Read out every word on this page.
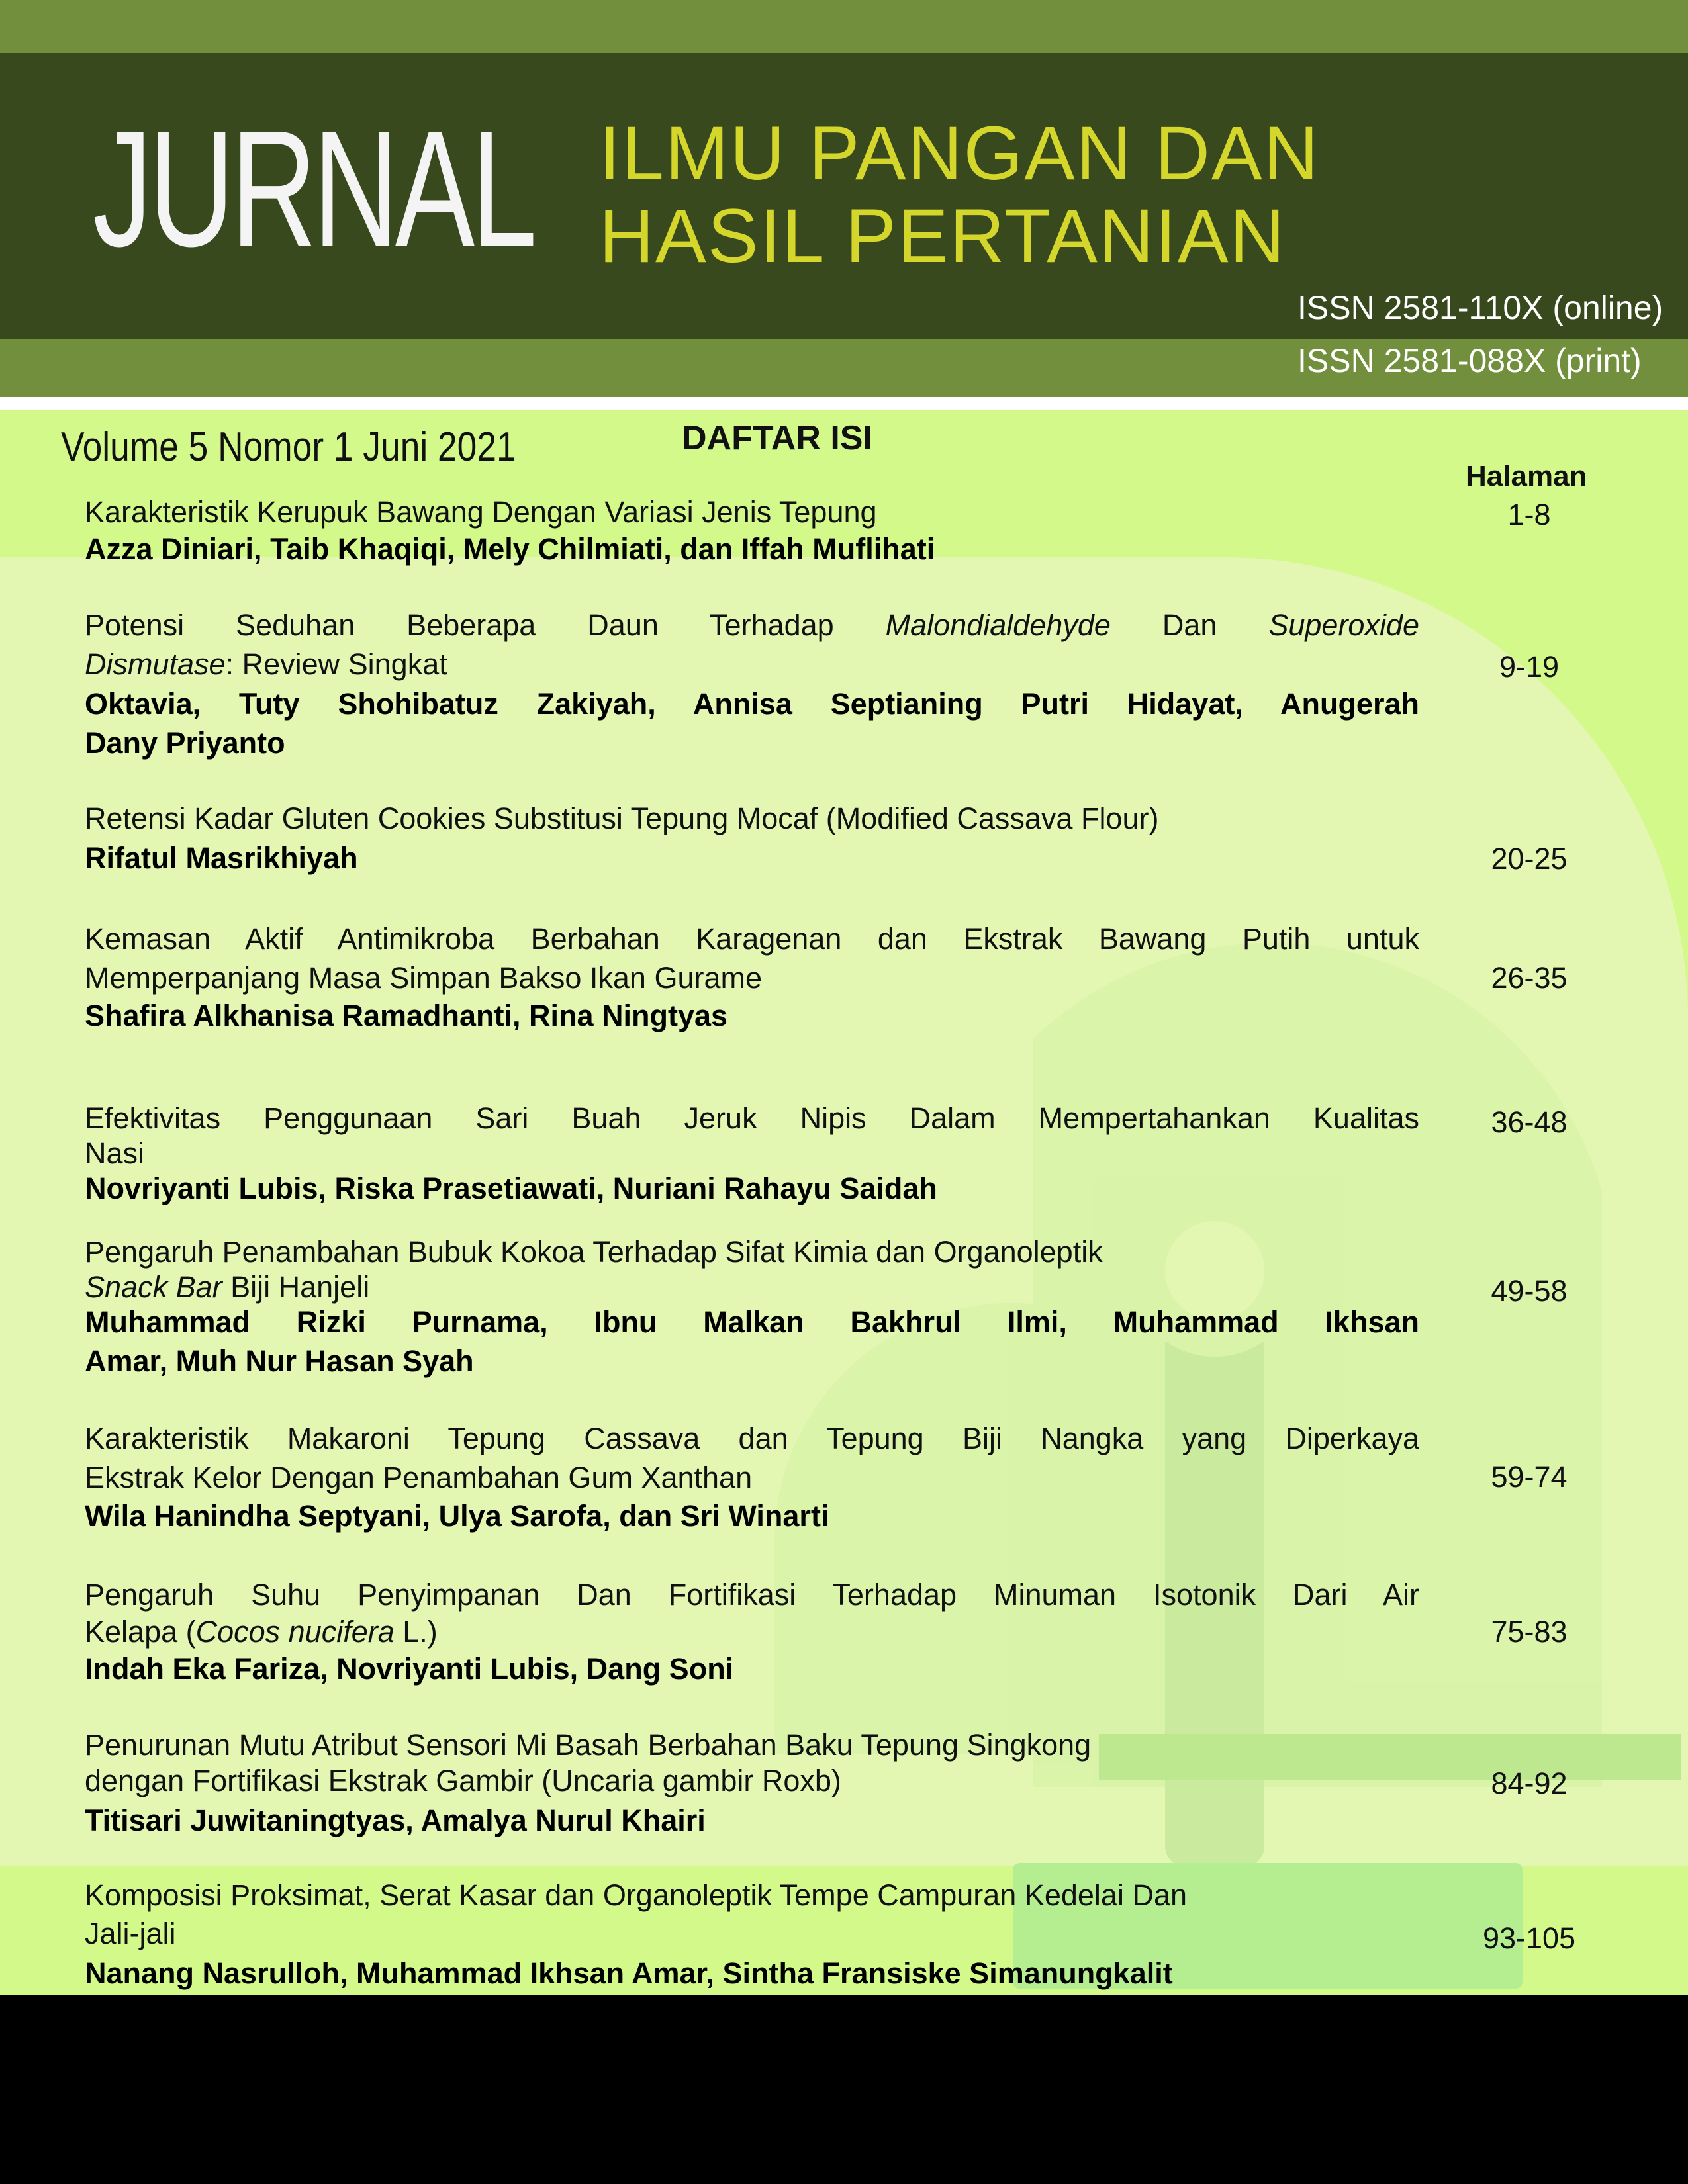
JURNAL ILMU PANGAN DAN
HASIL PERTANIAN
ISSN 2581-110X (online)
ISSN 2581-088X (print)
Volume 5 Nomor 1 Juni 2021	DAFTAR ISI
Halaman
Karakteristik Kerupuk Bawang Dengan Variasi Jenis Tepung
Azza Diniari, Taib Khaqiqi, Mely Chilmiati, dan Iffah Muflihati
1-8
Potensi Seduhan Beberapa Daun Terhadap Malondialdehyde Dan Superoxide
Dismutase: Review Singkat
Oktavia, Tuty Shohibatuz Zakiyah, Annisa Septianing Putri Hidayat, Anugerah
Dany Priyanto
9-19
Retensi Kadar Gluten Cookies Substitusi Tepung Mocaf (Modified Cassava Flour)
Rifatul Masrikhiyah	20-25
Kemasan Aktif Antimikroba Berbahan Karagenan dan Ekstrak Bawang Putih untuk
Memperpanjang Masa Simpan Bakso Ikan Gurame
Shafira Alkhanisa Ramadhanti, Rina Ningtyas
26-35
Efektivitas Penggunaan Sari Buah Jeruk Nipis Dalam Mempertahankan Kualitas
Nasi
Novriyanti Lubis, Riska Prasetiawati, Nuriani Rahayu Saidah
36-48
Pengaruh Penambahan Bubuk Kokoa Terhadap Sifat Kimia dan Organoleptik
Snack Bar Biji Hanjeli
Muhammad Rizki Purnama, Ibnu Malkan Bakhrul Ilmi, Muhammad Ikhsan
Amar, Muh Nur Hasan Syah
49-58
Karakteristik Makaroni Tepung Cassava dan Tepung Biji Nangka yang Diperkaya
Ekstrak Kelor Dengan Penambahan Gum Xanthan
Wila Hanindha Septyani, Ulya Sarofa, dan Sri Winarti
59-74
Pengaruh Suhu Penyimpanan Dan Fortifikasi Terhadap Minuman Isotonik Dari Air
Kelapa (Cocos nucifera L.)
Indah Eka Fariza, Novriyanti Lubis, Dang Soni
75-83
Penurunan Mutu Atribut Sensori Mi Basah Berbahan Baku Tepung Singkong
dengan Fortifikasi Ekstrak Gambir (Uncaria gambir Roxb)
Titisari Juwitaningtyas, Amalya Nurul Khairi
84-92
Komposisi Proksimat, Serat Kasar dan Organoleptik Tempe Campuran Kedelai Dan
Jali-jali
Nanang Nasrulloh, Muhammad Ikhsan Amar, Sintha Fransiske Simanungkalit
93-105
